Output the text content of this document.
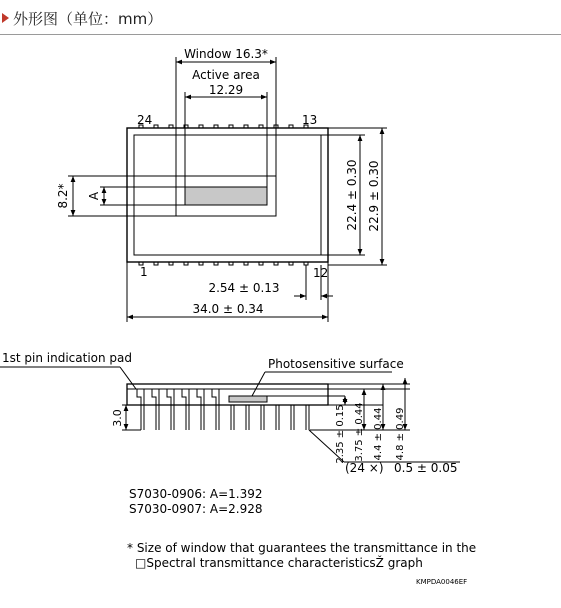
外形图（单位：mm）
Window 16.3*
Active area
12.29
24	13
1	12
8.2* A	22.4 ± 0.30 22.9 ± 0.30
2.54 ± 0.13
34.0 ± 0.34
1st pin indication pad	Photosensitive surface
3.0	2.35 ± 0.15 3.75 ± 0.44 4.4 ± 0.44 4.8 ± 0.49
(24 ×) 0.5 ± 0.05
S7030-0906: A=1.392
S7030-0907: A=2.928
* Size of window that guarantees the transmittance in the
□Spectral transmittance characteristicsŽ graph
KMPDA0046EF
